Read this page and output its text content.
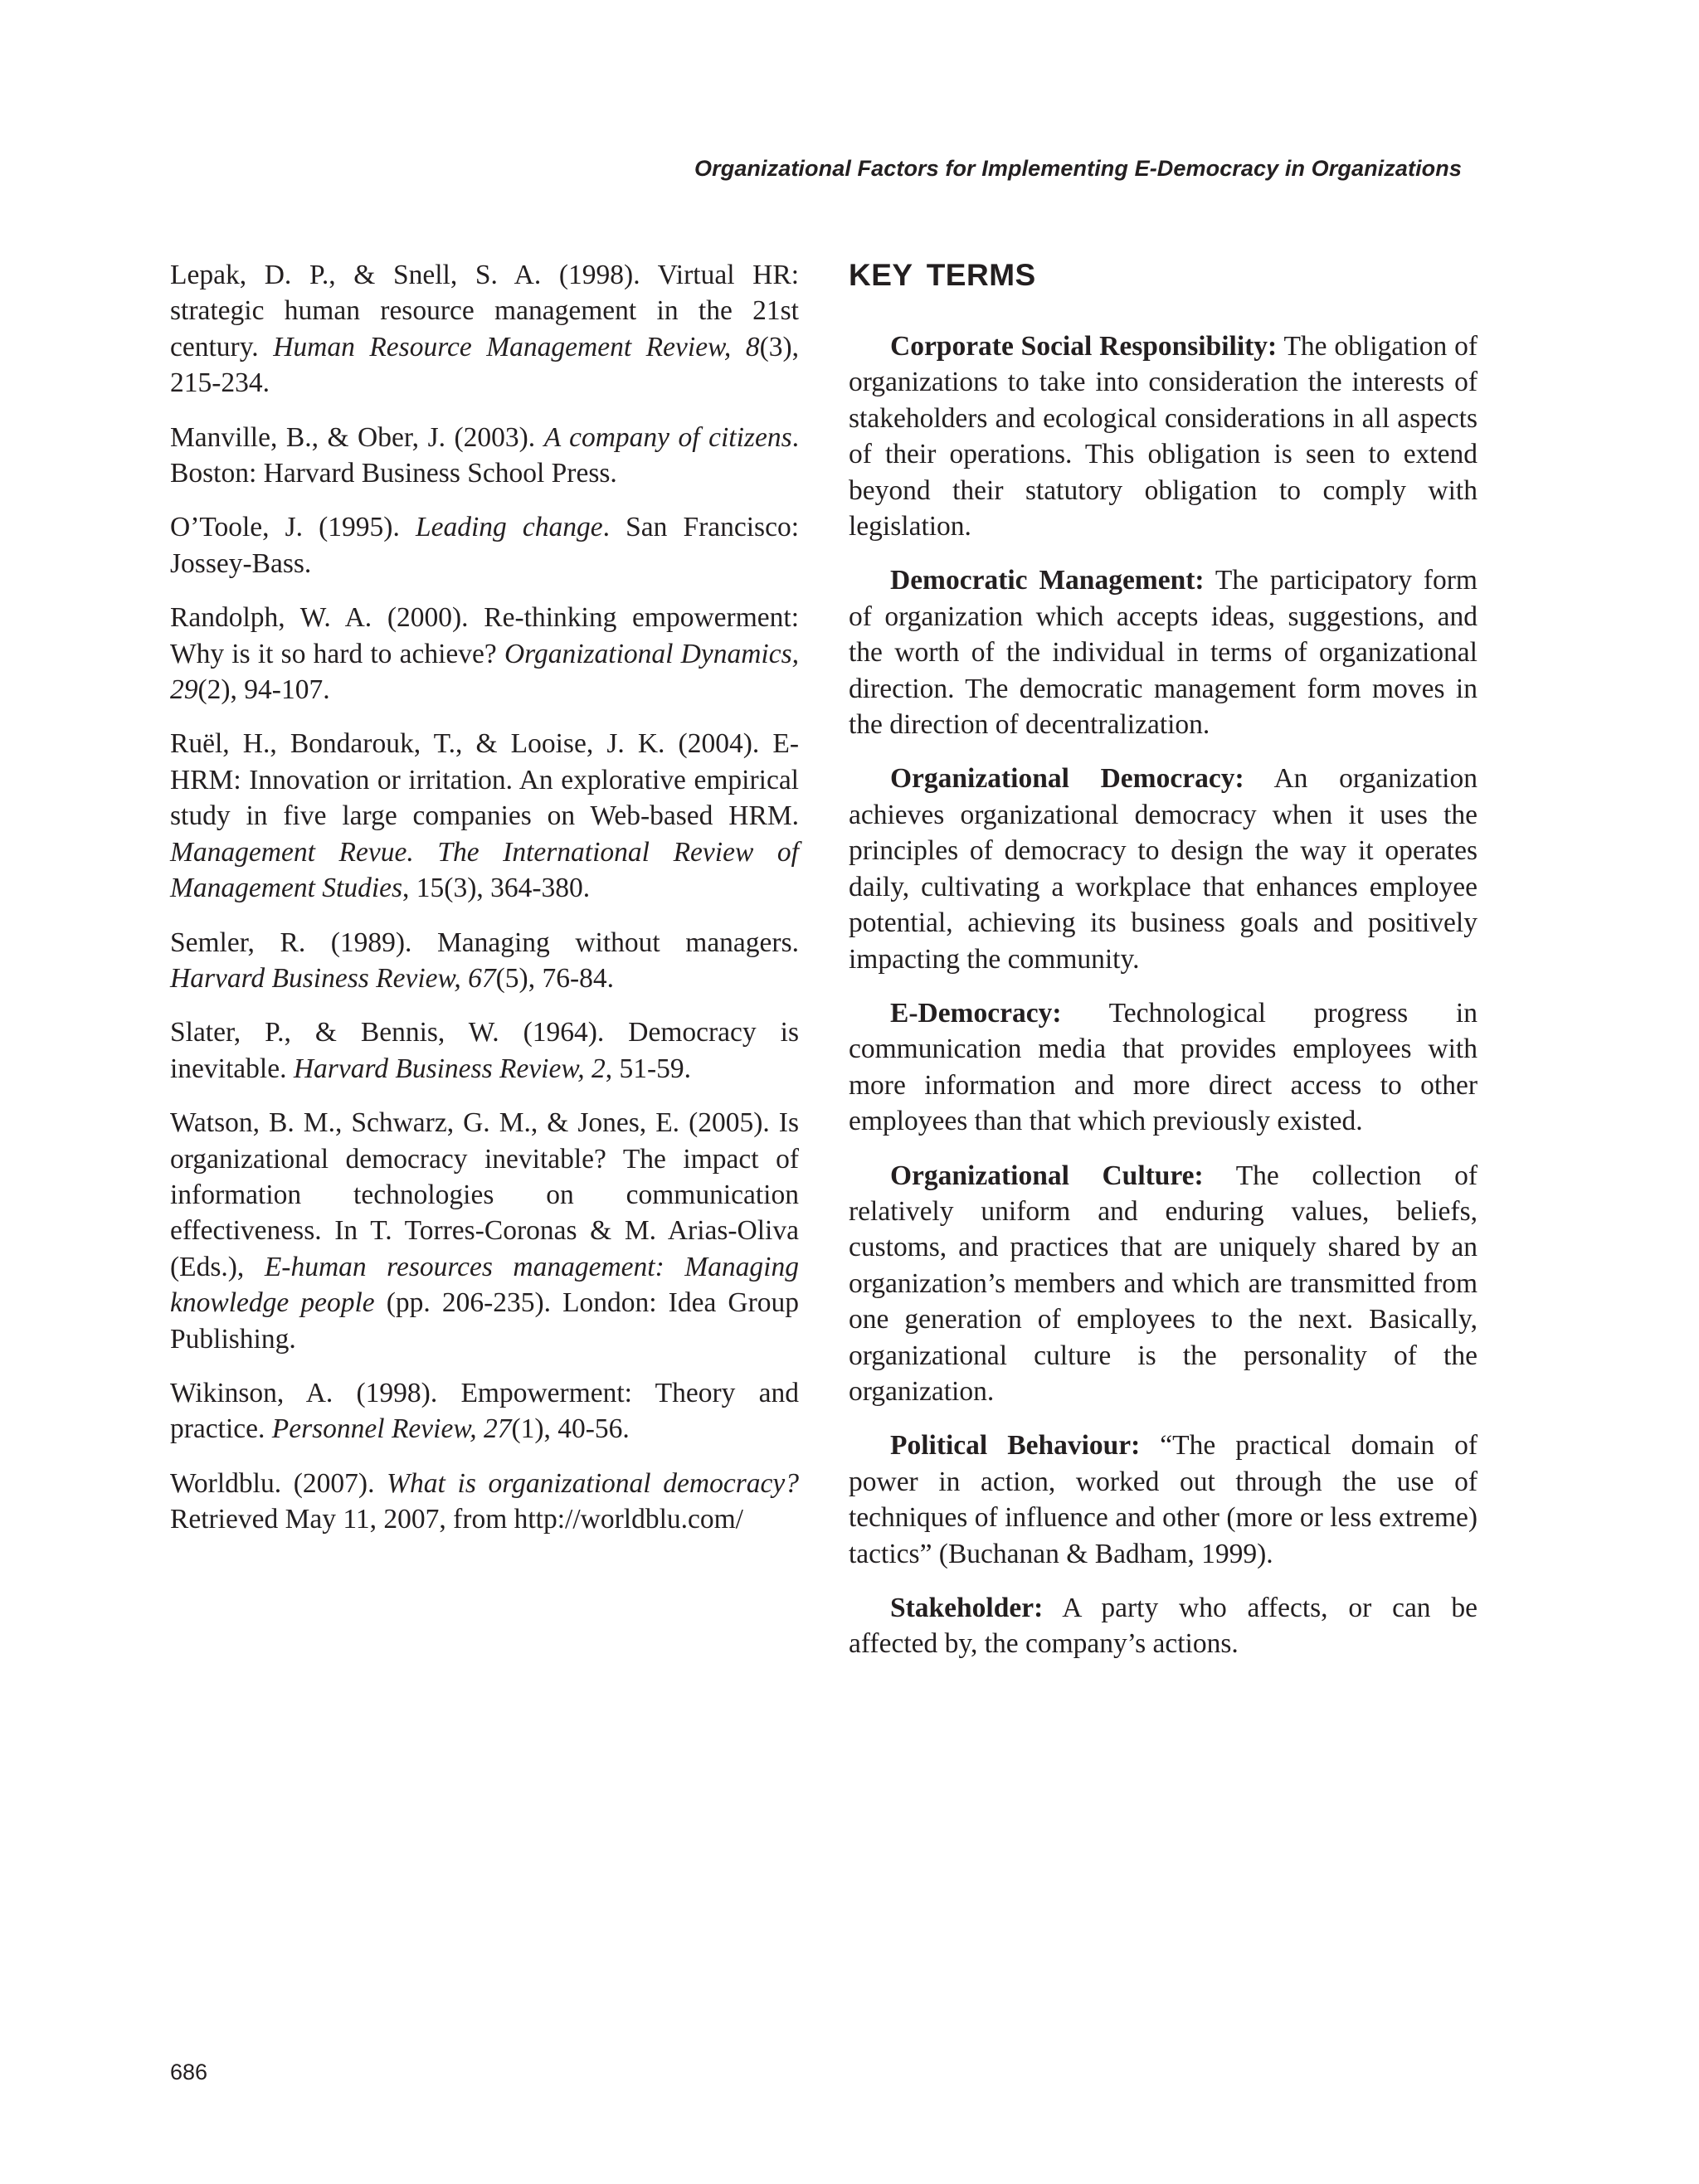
Organizational Factors for Implementing E-Democracy in Organizations

Lepak, D. P., & Snell, S. A. (1998). Virtual HR: strategic human resource management in the 21st century. Human Resource Management Review, 8(3), 215-234.

Manville, B., & Ober, J. (2003). A company of citizens. Boston: Harvard Business School Press.

O’Toole, J. (1995). Leading change. San Francisco: Jossey-Bass.

Randolph, W. A. (2000). Re-thinking empowerment: Why is it so hard to achieve? Organizational Dynamics, 29(2), 94-107.

Ruël, H., Bondarouk, T., & Looise, J. K. (2004). E-HRM: Innovation or irritation. An explorative empirical study in five large companies on Web-based HRM. Management Revue. The International Review of Management Studies, 15(3), 364-380.

Semler, R. (1989). Managing without managers. Harvard Business Review, 67(5), 76-84.

Slater, P., & Bennis, W. (1964). Democracy is inevitable. Harvard Business Review, 2, 51-59.

Watson, B. M., Schwarz, G. M., & Jones, E. (2005). Is organizational democracy inevitable? The impact of information technologies on communication effectiveness. In T. Torres-Coronas & M. Arias-Oliva (Eds.), E-human resources management: Managing knowledge people (pp. 206-235). London: Idea Group Publishing.

Wikinson, A. (1998). Empowerment: Theory and practice. Personnel Review, 27(1), 40-56.

Worldblu. (2007). What is organizational democracy? Retrieved May 11, 2007, from http://worldblu.com/

KEY TERMS

Corporate Social Responsibility: The obligation of organizations to take into consideration the interests of stakeholders and ecological considerations in all aspects of their operations. This obligation is seen to extend beyond their statutory obligation to comply with legislation.

Democratic Management: The participatory form of organization which accepts ideas, suggestions, and the worth of the individual in terms of organizational direction. The democratic management form moves in the direction of decentralization.

Organizational Democracy: An organization achieves organizational democracy when it uses the principles of democracy to design the way it operates daily, cultivating a workplace that enhances employee potential, achieving its business goals and positively impacting the community.

E-Democracy: Technological progress in communication media that provides employees with more information and more direct access to other employees than that which previously existed.

Organizational Culture: The collection of relatively uniform and enduring values, beliefs, customs, and practices that are uniquely shared by an organization’s members and which are transmitted from one generation of employees to the next. Basically, organizational culture is the personality of the organization.

Political Behaviour: “The practical domain of power in action, worked out through the use of techniques of influence and other (more or less extreme) tactics” (Buchanan & Badham, 1999).

Stakeholder: A party who affects, or can be affected by, the company’s actions.

686
